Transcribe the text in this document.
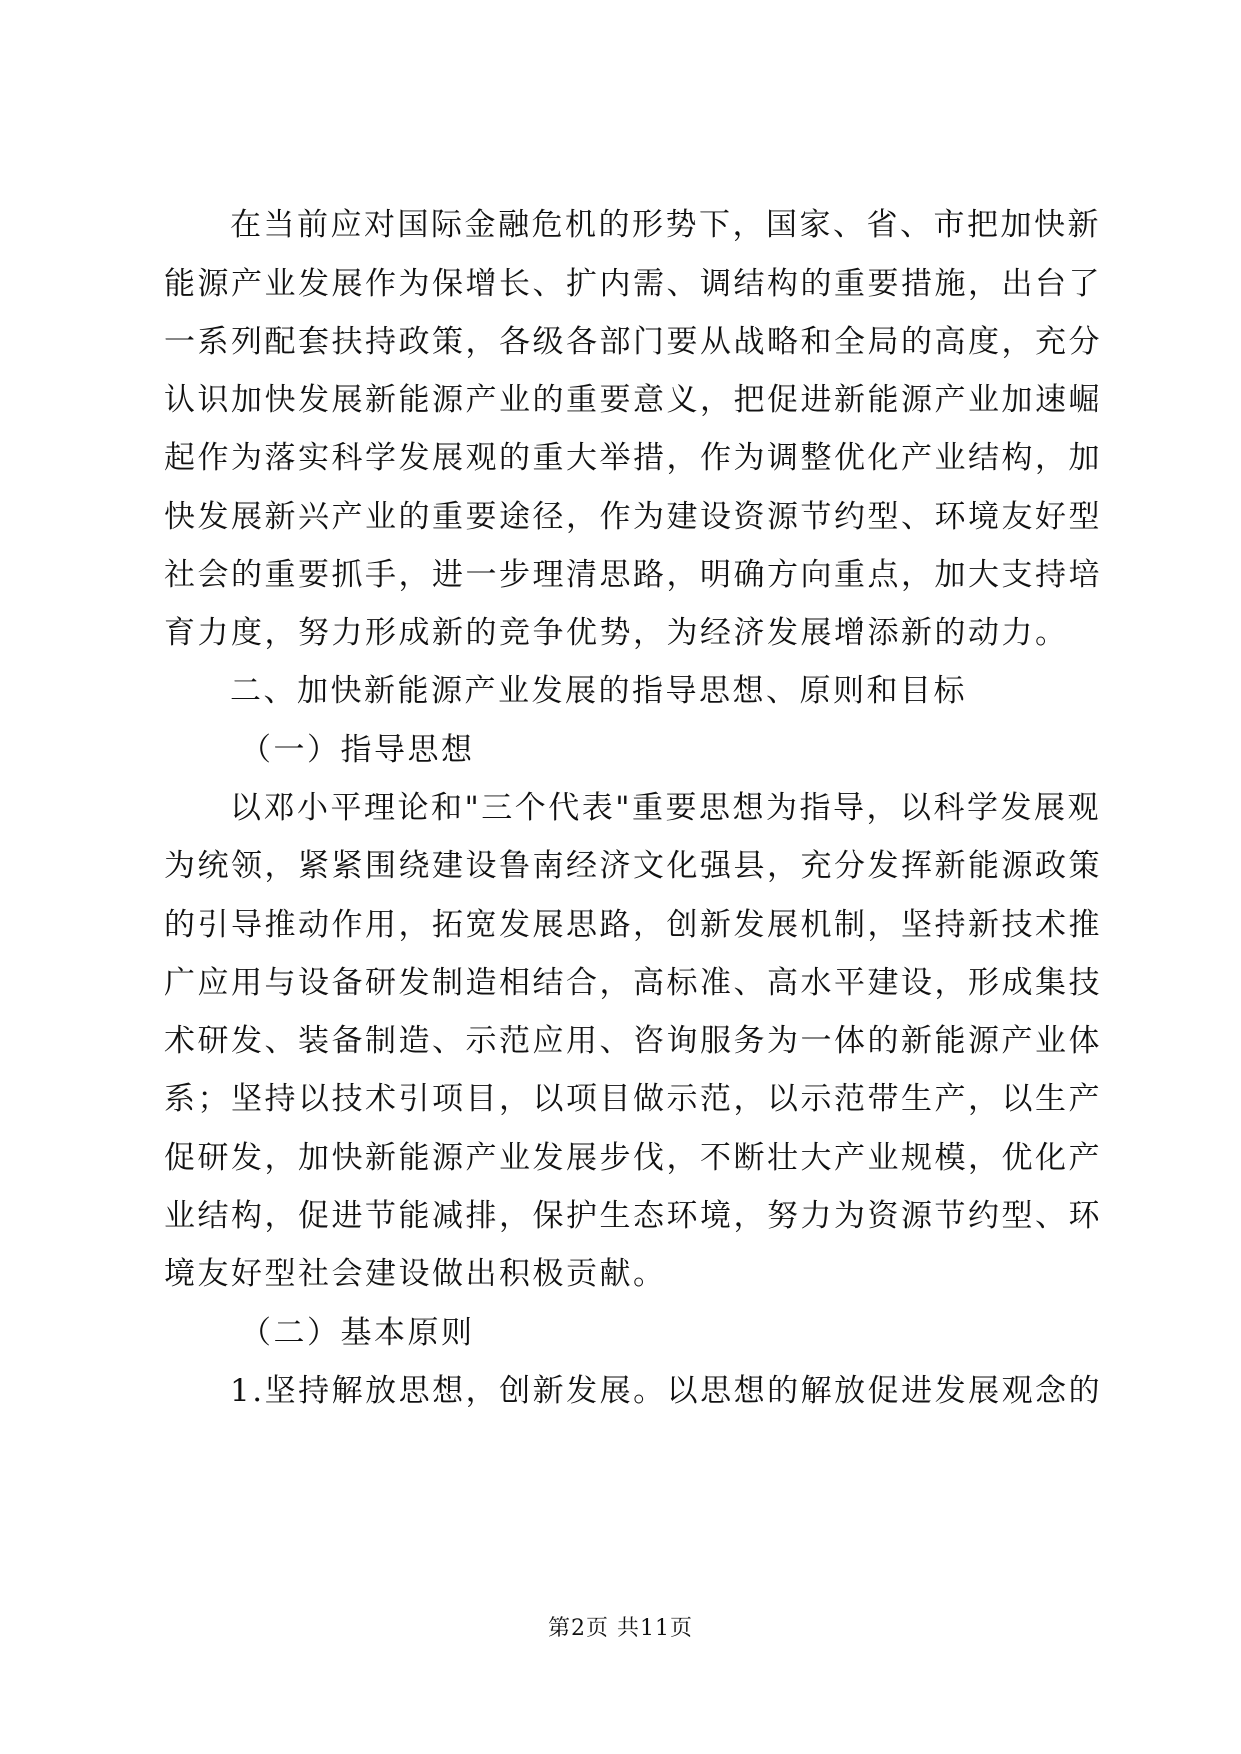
在当前应对国际金融危机的形势下，国家、省、市把加快新
能源产业发展作为保增长、扩内需、调结构的重要措施，出台了
一系列配套扶持政策，各级各部门要从战略和全局的高度，充分
认识加快发展新能源产业的重要意义，把促进新能源产业加速崛
起作为落实科学发展观的重大举措，作为调整优化产业结构，加
快发展新兴产业的重要途径，作为建设资源节约型、环境友好型
社会的重要抓手，进一步理清思路，明确方向重点，加大支持培
育力度，努力形成新的竞争优势，为经济发展增添新的动力。
二、加快新能源产业发展的指导思想、原则和目标
（一）指导思想
以邓小平理论和"三个代表"重要思想为指导，以科学发展观
为统领，紧紧围绕建设鲁南经济文化强县，充分发挥新能源政策
的引导推动作用，拓宽发展思路，创新发展机制，坚持新技术推
广应用与设备研发制造相结合，高标准、高水平建设，形成集技
术研发、装备制造、示范应用、咨询服务为一体的新能源产业体
系；坚持以技术引项目，以项目做示范，以示范带生产，以生产
促研发，加快新能源产业发展步伐，不断壮大产业规模，优化产
业结构，促进节能减排，保护生态环境，努力为资源节约型、环
境友好型社会建设做出积极贡献。
（二）基本原则
1.坚持解放思想，创新发展。以思想的解放促进发展观念的
第2页 共11页
